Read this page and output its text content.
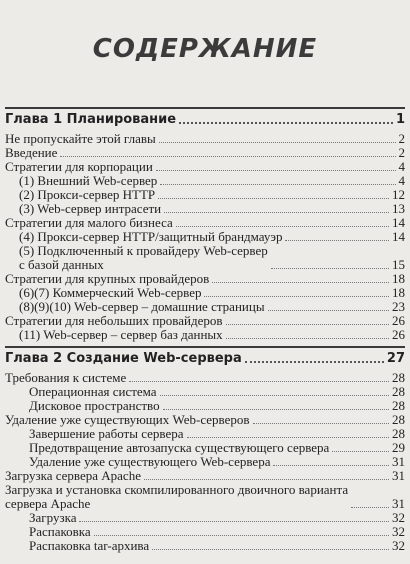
СОДЕРЖАНИЕ
Глава 1 Планирование	1
Не пропускайте этой главы	2
Введение	2
Стратегии для корпорации	4
(1) Внешний Web-сервер	4
(2) Прокси-сервер HTTP	12
(3) Web-сервер интрасети	13
Стратегии для малого бизнеса	14
(4) Прокси-сервер HTTP/защитный брандмауэр	14
(5) Подключенный к провайдеру Web-сервер
с базой данных	15
Стратегии для крупных провайдеров	18
(6)(7) Коммерческий Web-сервер	18
(8)(9)(10) Web-сервер – домашние страницы	23
Стратегии для небольших провайдеров	26
(11) Web-сервер – сервер баз данных	26
Глава 2 Создание Web-сервера	27
Требования к системе	28
Операционная система	28
Дисковое пространство	28
Удаление уже существующих Web-серверов	28
Завершение работы сервера	28
Предотвращение автозапуска существующего сервера	29
Удаление уже существующего Web-сервера	31
Загрузка сервера Apache	31
Загрузка и установка скомпилированного двоичного варианта
сервера Apache	31
Загрузка	32
Распаковка	32
Распаковка tar-архива	32
